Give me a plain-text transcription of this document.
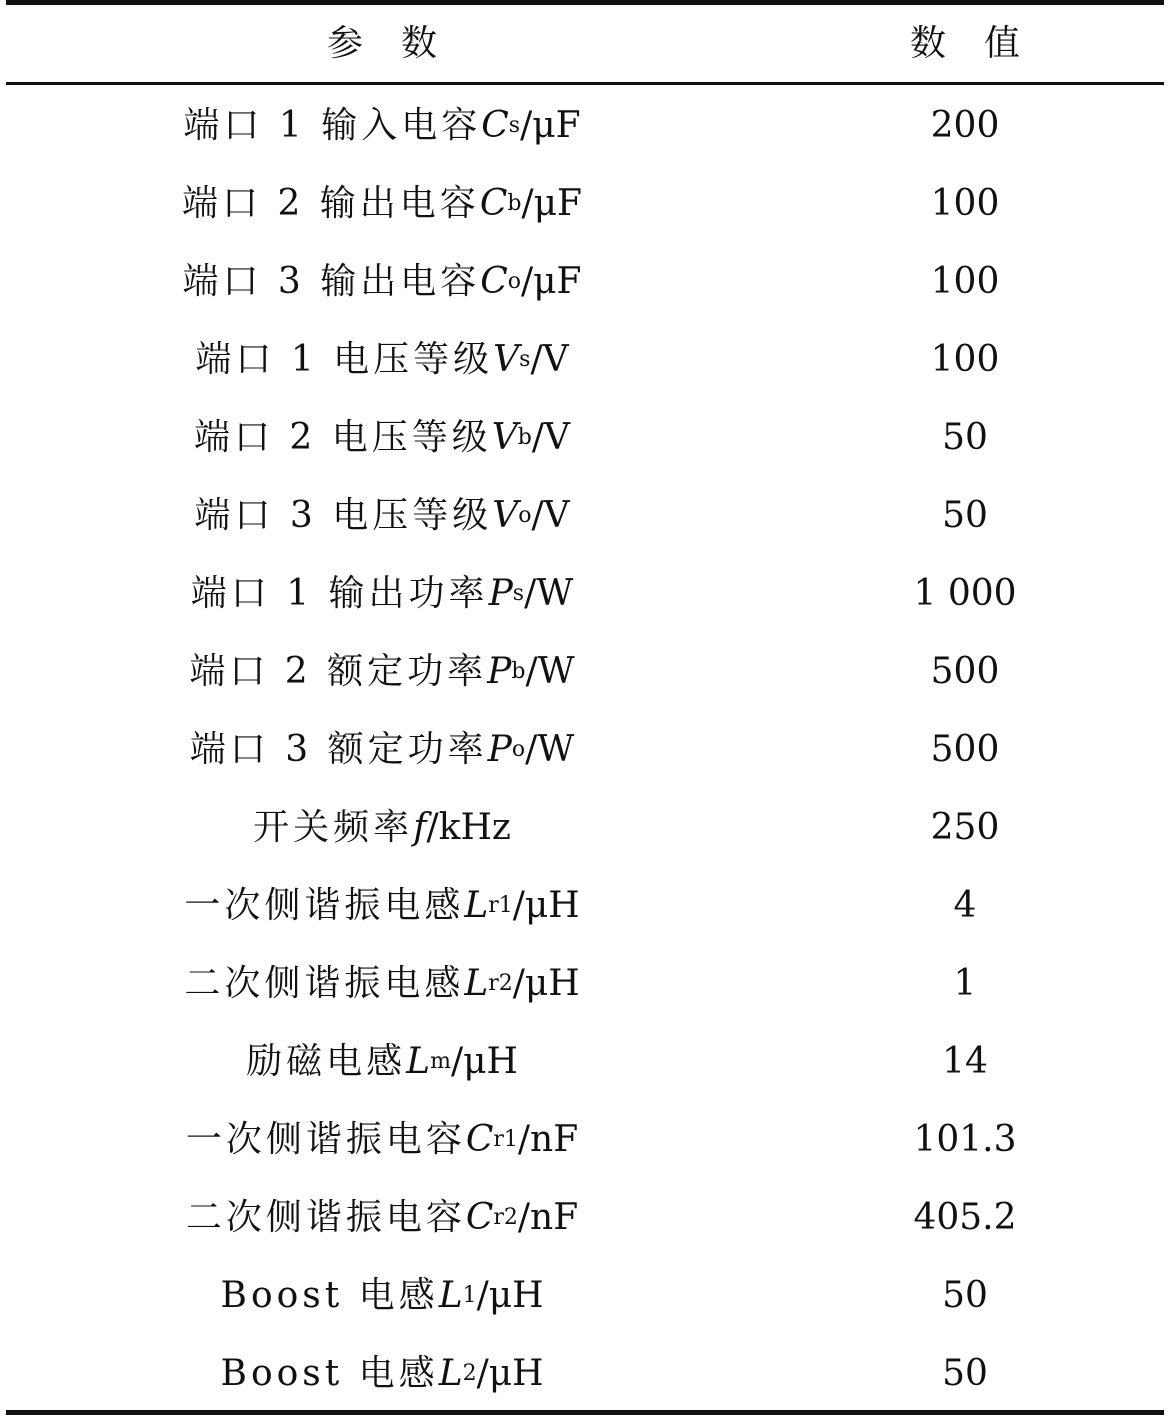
参数	数值
端口 1 输入电容 C s /μF	200
端口 2 输出电容 C b /μF	100
端口 3 输出电容 C o /μF	100
端口 1 电压等级 V s /V	100
端口 2 电压等级 V b /V	50
端口 3 电压等级 V o /V	50
端口 1 输出功率 P s /W	1 000
端口 2 额定功率 P b /W	500
端口 3 额定功率 P o /W	500
开关频率 f /kHz	250
一次侧谐振电感 L r1 /μH	4
二次侧谐振电感 L r2 /μH	1
励磁电感 L m /μH	14
一次侧谐振电容 C r1 /nF	101.3
二次侧谐振电容 C r2 /nF	405.2
Boost 电感 L 1 /μH	50
Boost 电感 L 2 /μH	50
